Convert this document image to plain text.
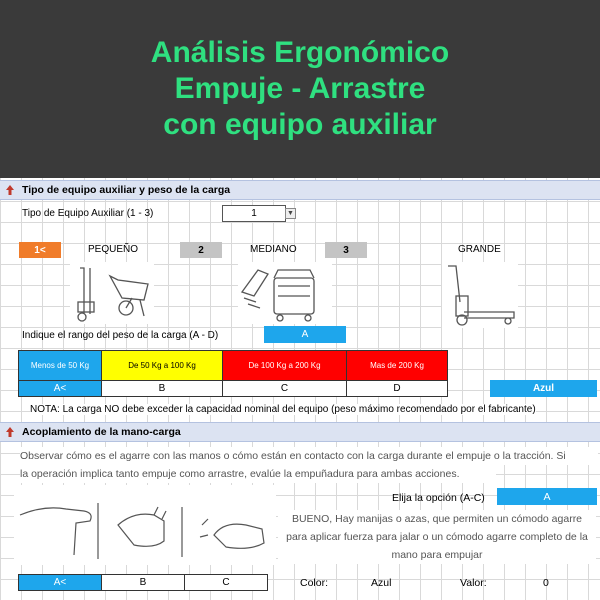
Análisis Ergonómico
Empuje - Arrastre
con equipo auxiliar
Tipo de equipo auxiliar y peso de la carga
Tipo de Equipo Auxiliar (1 - 3)	1	▼
1<	PEQUEÑO	2	MEDIANO	3	GRANDE
Indique el rango del peso de la carga (A - D)	A
Menos de 50 Kg	De 50 Kg a 100 Kg	De 100 Kg a 200 Kg	Mas de 200 Kg
A<	B	C	D	Azul
NOTA: La carga NO debe exceder la capacidad nominal del equipo (peso máximo recomendado por el fabricante)
Acoplamiento de la mano-carga
Observar cómo es el agarre con las manos o cómo están en contacto con la carga durante el empuje o la tracción. Si
la operación implica tanto empuje como arrastre, evalúe la empuñadura para ambas acciones.
Elija la opción (A-C)	A
BUENO, Hay manijas o azas, que permiten un cómodo agarre
para aplicar fuerza para jalar o un cómodo agarre completo de la
mano para empujar
A<	B	C	Color:	Azul	Valor:	0
